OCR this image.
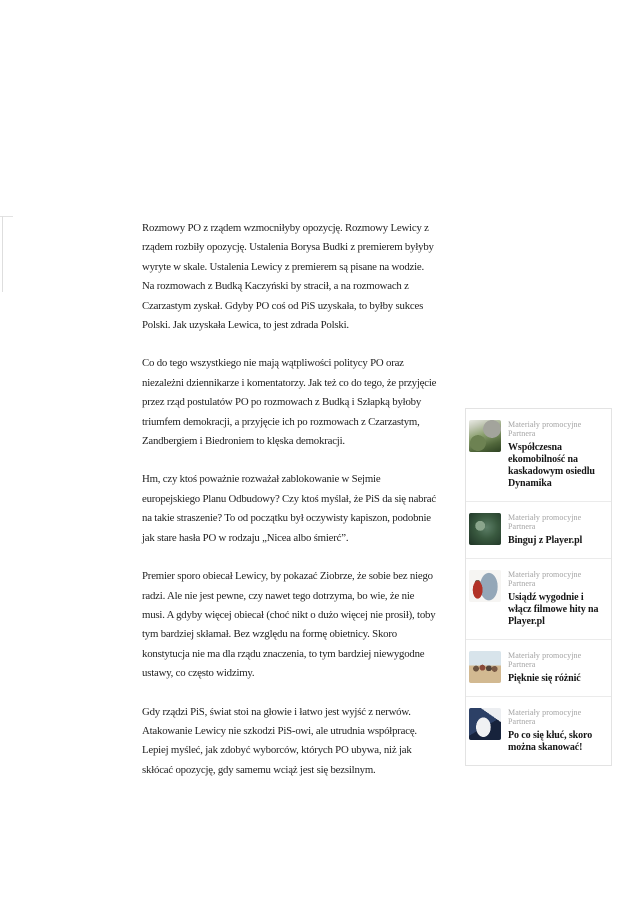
Rozmowy PO z rządem wzmocniłyby opozycję. Rozmowy Lewicy z rządem rozbiły opozycję. Ustalenia Borysa Budki z premierem byłyby wyryte w skale. Ustalenia Lewicy z premierem są pisane na wodzie. Na rozmowach z Budką Kaczyński by stracił, a na rozmowach z Czarzastym zyskał. Gdyby PO coś od PiS uzyskała, to byłby sukces Polski. Jak uzyskała Lewica, to jest zdrada Polski.

Co do tego wszystkiego nie mają wątpliwości politycy PO oraz niezależni dziennikarze i komentatorzy. Jak też co do tego, że przyjęcie przez rząd postulatów PO po rozmowach z Budką i Szłapką byłoby triumfem demokracji, a przyjęcie ich po rozmowach z Czarzastym, Zandbergiem i Biedroniem to klęska demokracji.

Hm, czy ktoś poważnie rozważał zablokowanie w Sejmie europejskiego Planu Odbudowy? Czy ktoś myślał, że PiS da się nabrać na takie straszenie? To od początku był oczywisty kapiszon, podobnie jak stare hasła PO w rodzaju „Nicea albo śmierć”.

Premier sporo obiecał Lewicy, by pokazać Ziobrze, że sobie bez niego radzi. Ale nie jest pewne, czy nawet tego dotrzyma, bo wie, że nie musi. A gdyby więcej obiecał (choć nikt o dużo więcej nie prosił), toby tym bardziej skłamał. Bez względu na formę obietnicy. Skoro konstytucja nie ma dla rządu znaczenia, to tym bardziej niewygodne ustawy, co często widzimy.

Gdy rządzi PiS, świat stoi na głowie i łatwo jest wyjść z nerwów. Atakowanie Lewicy nie szkodzi PiS-owi, ale utrudnia współpracę. Lepiej myśleć, jak zdobyć wyborców, których PO ubywa, niż jak skłócać opozycję, gdy samemu wciąż jest się bezsilnym.

Materiały promocyjne Partnera
Współczesna ekomobilność na kaskadowym osiedlu Dynamika
Materiały promocyjne Partnera
Binguj z Player.pl
Materiały promocyjne Partnera
Usiądź wygodnie i włącz filmowe hity na Player.pl
Materiały promocyjne Partnera
Pięknie się różnić
Materiały promocyjne Partnera
Po co się kłuć, skoro można skanować!
